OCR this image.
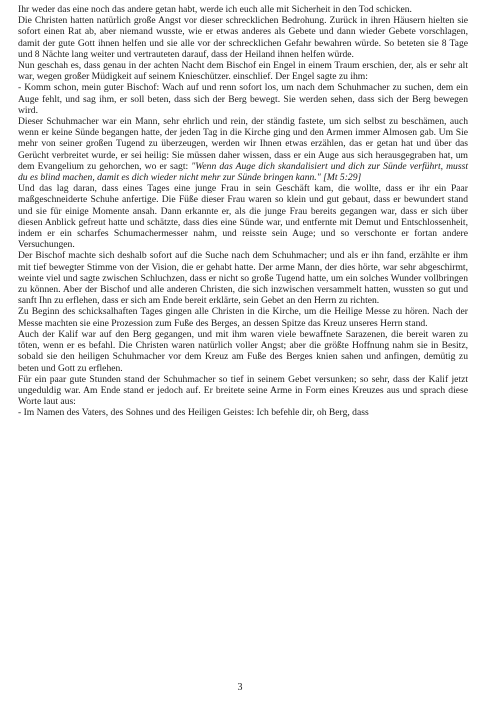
Ihr weder das eine noch das andere getan habt, werde ich euch alle mit Sicherheit in den Tod schicken.

Die Christen hatten natürlich große Angst vor dieser schrecklichen Bedrohung. Zurück in ihren Häusern hielten sie sofort einen Rat ab, aber niemand wusste, wie er etwas anderes als Gebete und dann wieder Gebete vorschlagen, damit der gute Gott ihnen helfen und sie alle vor der schrecklichen Gefahr bewahren würde. So beteten sie 8 Tage und 8 Nächte lang weiter und vertrauteten darauf, dass der Heiland ihnen helfen würde.

Nun geschah es, dass genau in der achten Nacht dem Bischof ein Engel in einem Traum erschien, der, als er sehr alt war, wegen großer Müdigkeit auf seinem Knieschützer. einschlief. Der Engel sagte zu ihm:

- Komm schon, mein guter Bischof: Wach auf und renn sofort los, um nach dem Schuhmacher zu suchen, dem ein Auge fehlt, und sag ihm, er soll beten, dass sich der Berg bewegt. Sie werden sehen, dass sich der Berg bewegen wird.

Dieser Schuhmacher war ein Mann, sehr ehrlich und rein, der ständig fastete, um sich selbst zu beschämen, auch wenn er keine Sünde begangen hatte, der jeden Tag in die Kirche ging und den Armen immer Almosen gab. Um Sie mehr von seiner großen Tugend zu überzeugen, werden wir Ihnen etwas erzählen, das er getan hat und über das Gerücht verbreitet wurde, er sei heilig: Sie müssen daher wissen, dass er ein Auge aus sich herausgegraben hat, um dem Evangelium zu gehorchen, wo er sagt: "Wenn das Auge dich skandalisiert und dich zur Sünde verführt, musst du es blind machen, damit es dich wieder nicht mehr zur Sünde bringen kann." [Mt 5:29]

Und das lag daran, dass eines Tages eine junge Frau in sein Geschäft kam, die wollte, dass er ihr ein Paar maßgeschneiderte Schuhe anfertige. Die Füße dieser Frau waren so klein und gut gebaut, dass er bewundert stand und sie für einige Momente ansah. Dann erkannte er, als die junge Frau bereits gegangen war, dass er sich über diesen Anblick gefreut hatte und schätzte, dass dies eine Sünde war, und entfernte mit Demut und Entschlossenheit, indem er ein scharfes Schumachermesser nahm, und reisste sein Auge; und so verschonte er fortan andere Versuchungen.

Der Bischof machte sich deshalb sofort auf die Suche nach dem Schuhmacher; und als er ihn fand, erzählte er ihm mit tief bewegter Stimme von der Vision, die er gehabt hatte. Der arme Mann, der dies hörte, war sehr abgeschirmt, weinte viel und sagte zwischen Schluchzen, dass er nicht so große Tugend hatte, um ein solches Wunder vollbringen zu können. Aber der Bischof und alle anderen Christen, die sich inzwischen versammelt hatten, wussten so gut und sanft Ihn zu erflehen, dass er sich am Ende bereit erklärte, sein Gebet an den Herrn zu richten.

Zu Beginn des schicksalhaften Tages gingen alle Christen in die Kirche, um die Heilige Messe zu hören. Nach der Messe machten sie eine Prozession zum Fuße des Berges, an dessen Spitze das Kreuz unseres Herrn stand.

Auch der Kalif war auf den Berg gegangen, und mit ihm waren viele bewaffnete Sarazenen, die bereit waren zu töten, wenn er es befahl. Die Christen waren natürlich voller Angst; aber die größte Hoffnung nahm sie in Besitz, sobald sie den heiligen Schuhmacher vor dem Kreuz am Fuße des Berges knien sahen und anfingen, demütig zu beten und Gott zu erflehen.

Für ein paar gute Stunden stand der Schuhmacher so tief in seinem Gebet versunken; so sehr, dass der Kalif jetzt ungeduldig war. Am Ende stand er jedoch auf. Er breitete seine Arme in Form eines Kreuzes aus und sprach diese Worte laut aus:

- Im Namen des Vaters, des Sohnes und des Heiligen Geistes: Ich befehle dir, oh Berg, dass

3
